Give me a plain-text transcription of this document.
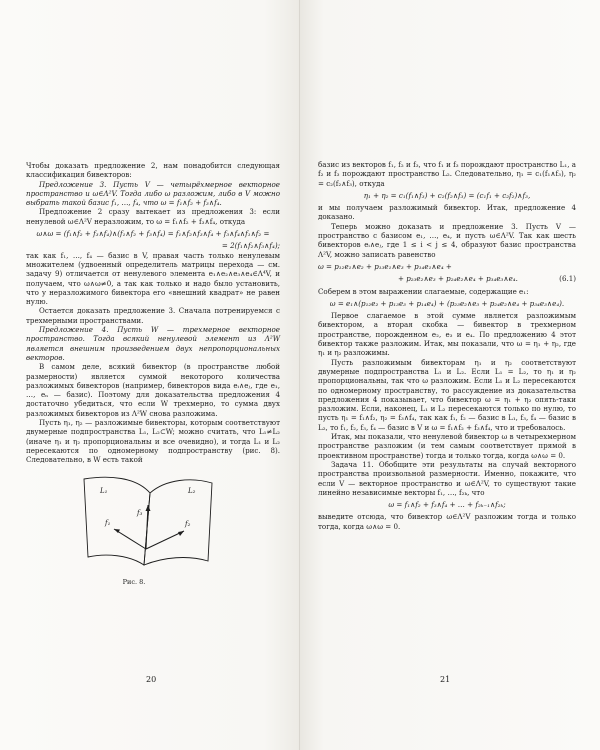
Чтобы доказать предложение 2, нам понадобится следующая классификация бивекторов:

Предложение 3. Пусть V — четырёхмерное векторное пространство и ω∈Λ²V. Тогда либо ω разложим, либо в V можно выбрать такой базис f₁, …, f₄, что ω = f₁∧f₂ + f₃∧f₄.

Предложение 2 сразу вытекает из предложения 3: если ненулевой ω∈Λ²V неразложим, то ω = f₁∧f₂ + f₃∧f₄, откуда

ω∧ω = (f₁∧f₂ + f₃∧f₄)∧(f₁∧f₂ + f₃∧f₄) = f₁∧f₂∧f₃∧f₄ + f₃∧f₄∧f₁∧f₂ =

= 2(f₁∧f₂∧f₃∧f₄);

так как f₁, …, f₄ — базис в V, правая часть только ненулевым множителем (удвоенный определитель матрицы перехода — см. задачу 9) отличается от ненулевого элемента e₁∧e₂∧e₃∧e₄∈Λ⁴V, и получаем, что ω∧ω≠0, а так как только и надо было установить, что у неразложимого бивектора его «внешний квадрат» не равен нулю.

Остается доказать предложение 3. Сначала потренируемся с трехмерными пространствами.

Предложение 4. Пусть W — трехмерное векторное пространство. Тогда всякий ненулевой элемент из Λ²W является внешним произведением двух непропорциональных векторов.

В самом деле, всякий бивектор (в пространстве любой размерности) является суммой некоторого количества разложимых бивекторов (например, бивекторов вида eᵢ∧eⱼ, где e₁, …, eₙ — базис). Поэтому для доказательства предложения 4 достаточно убедиться, что если W трехмерно, то сумма двух разложимых бивекторов из Λ²W снова разложима.

Пусть η₁, η₂ — разложимые бивекторы, которым соответствуют двумерные подпространства L₁, L₂⊂W; можно считать, что L₁≠L₂ (иначе η₁ и η₂ пропорциональны и все очевидно), и тогда L₁ и L₂ пересекаются по одномерному подпространству (рис. 8). Следовательно, в W есть такой

L₁	L₂
f₁
f₃
f₂

Рис. 8.

20

базис из векторов f₁, f₂ и f₃, что f₁ и f₃ порождают пространство L₁, а f₂ и f₃ порождают пространство L₂. Следовательно, η₁ = c₁(f₁∧f₃), η₂ = c₂(f₂∧f₃), откуда

η₁ + η₂ = c₁(f₁∧f₃) + c₂(f₂∧f₃) = (c₁f₁ + c₂f₂)∧f₃,

и мы получаем разложимый бивектор. Итак, предложение 4 доказано.

Теперь можно доказать и предложение 3. Пусть V — пространство с базисом e₁, …, e₄, и пусть ω∈Λ²V. Так как шесть бивекторов eᵢ∧eⱼ, где 1 ≤ i < j ≤ 4, образуют базис пространства Λ²V, можно записать равенство

ω = p₁₂e₁∧e₂ + p₁₃e₁∧e₃ + p₁₄e₁∧e₄ +

+ p₂₃e₂∧e₃ + p₂₄e₂∧e₄ + p₃₄e₃∧e₄.	(6.1)

Соберем в этом выражении слагаемые, содержащие e₁:

ω = e₁∧(p₁₂e₂ + p₁₃e₃ + p₁₄e₄) + (p₂₃e₂∧e₃ + p₂₄e₂∧e₄ + p₃₄e₃∧e₄).

Первое слагаемое в этой сумме является разложимым бивектором, а вторая скобка — бивектор в трехмерном пространстве, порожденном e₂, e₃ и e₄. По предложению 4 этот бивектор также разложим. Итак, мы показали, что ω = η₁ + η₂, где η₁ и η₂ разложимы.

Пусть разложимым бивекторам η₁ и η₂ соответствуют двумерные подпространства L₁ и L₂. Если L₁ = L₂, то η₁ и η₂ пропорциональны, так что ω разложим. Если L₁ и L₂ пересекаются по одномерному пространству, то рассуждение из доказательства предложения 4 показывает, что бивектор ω = η₁ + η₂ опять-таки разложим. Если, наконец, L₁ и L₂ пересекаются только по нулю, то пусть η₁ = f₁∧f₂, η₂ = f₃∧f₄, так как f₁, f₂ — базис в L₁, f₃, f₄ — базис в L₂, то f₁, f₂, f₃, f₄ — базис в V и ω = f₁∧f₂ + f₃∧f₄, что и требовалось.

Итак, мы показали, что ненулевой бивектор ω в четырехмерном пространстве разложим (и тем самым соответствует прямой в проективном пространстве) тогда и только тогда, когда ω∧ω = 0.

Задача 11. Обобщите эти результаты на случай векторного пространства произвольной размерности. Именно, покажите, что если V — векторное пространство и ω∈Λ²V, то существуют такие линейно независимые векторы f₁, …, f₂ₖ, что

ω = f₁∧f₂ + f₃∧f₄ + … + f₂ₖ₋₁∧f₂ₖ;

выведите отсюда, что бивектор ω∈Λ²V разложим тогда и только тогда, когда ω∧ω = 0.

21
